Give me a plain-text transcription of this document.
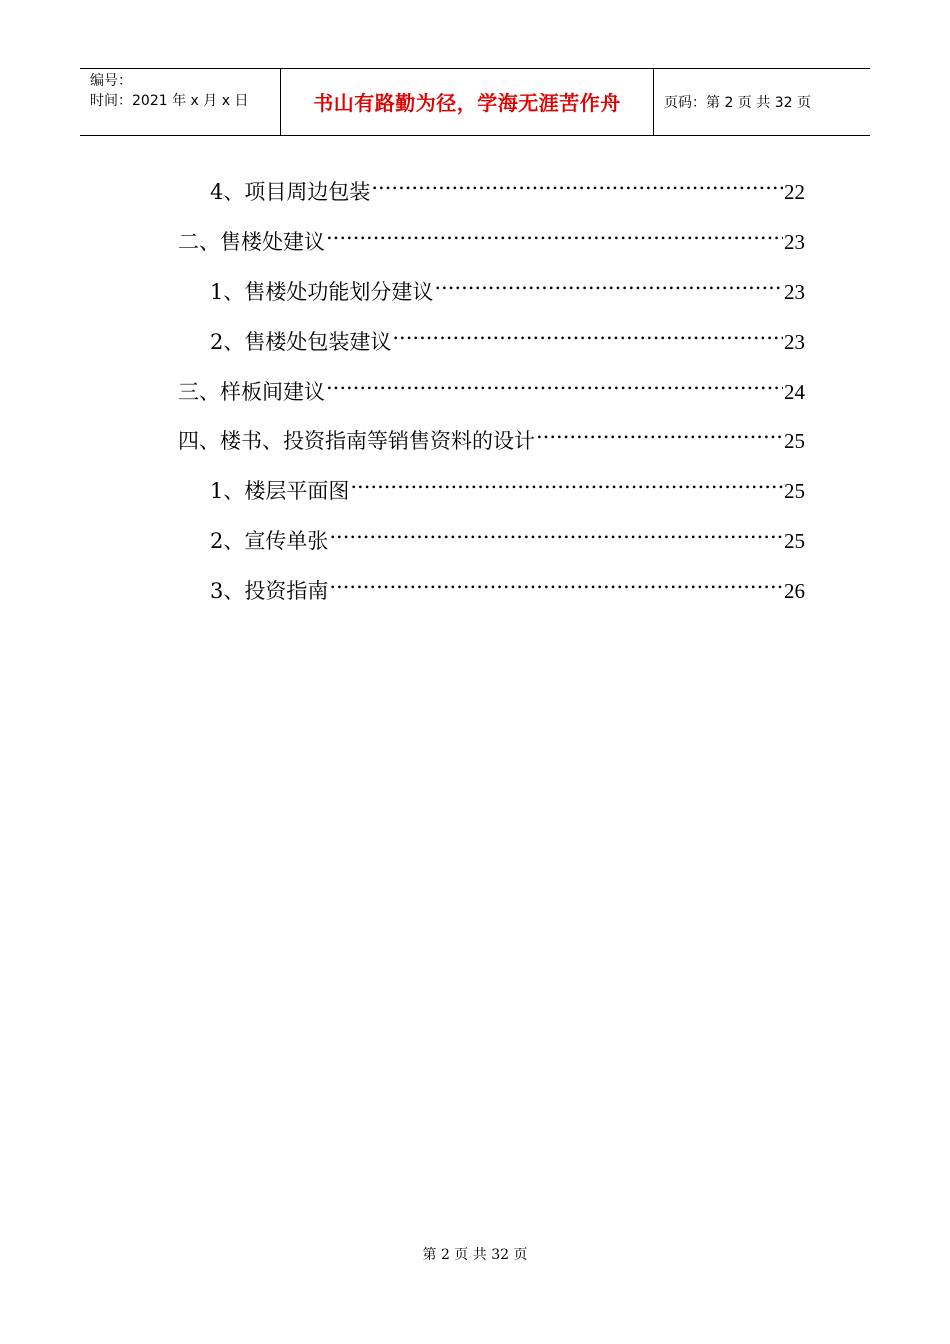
编号：
时间：2021 年 x 月 x 日	书山有路勤为径，学海无涯苦作舟	页码：第 2 页 共 32 页
4、项目周边包装 .....	22
二、售楼处建议 .....	23
1、售楼处功能划分建议 .....	23
2、售楼处包装建议 .....	23
三、样板间建议 .....	24
四、楼书、投资指南等销售资料的设计 .....	25
1、楼层平面图 .....	25
2、宣传单张 .....	25
3、投资指南 .....	26
第 2 页 共 32 页
